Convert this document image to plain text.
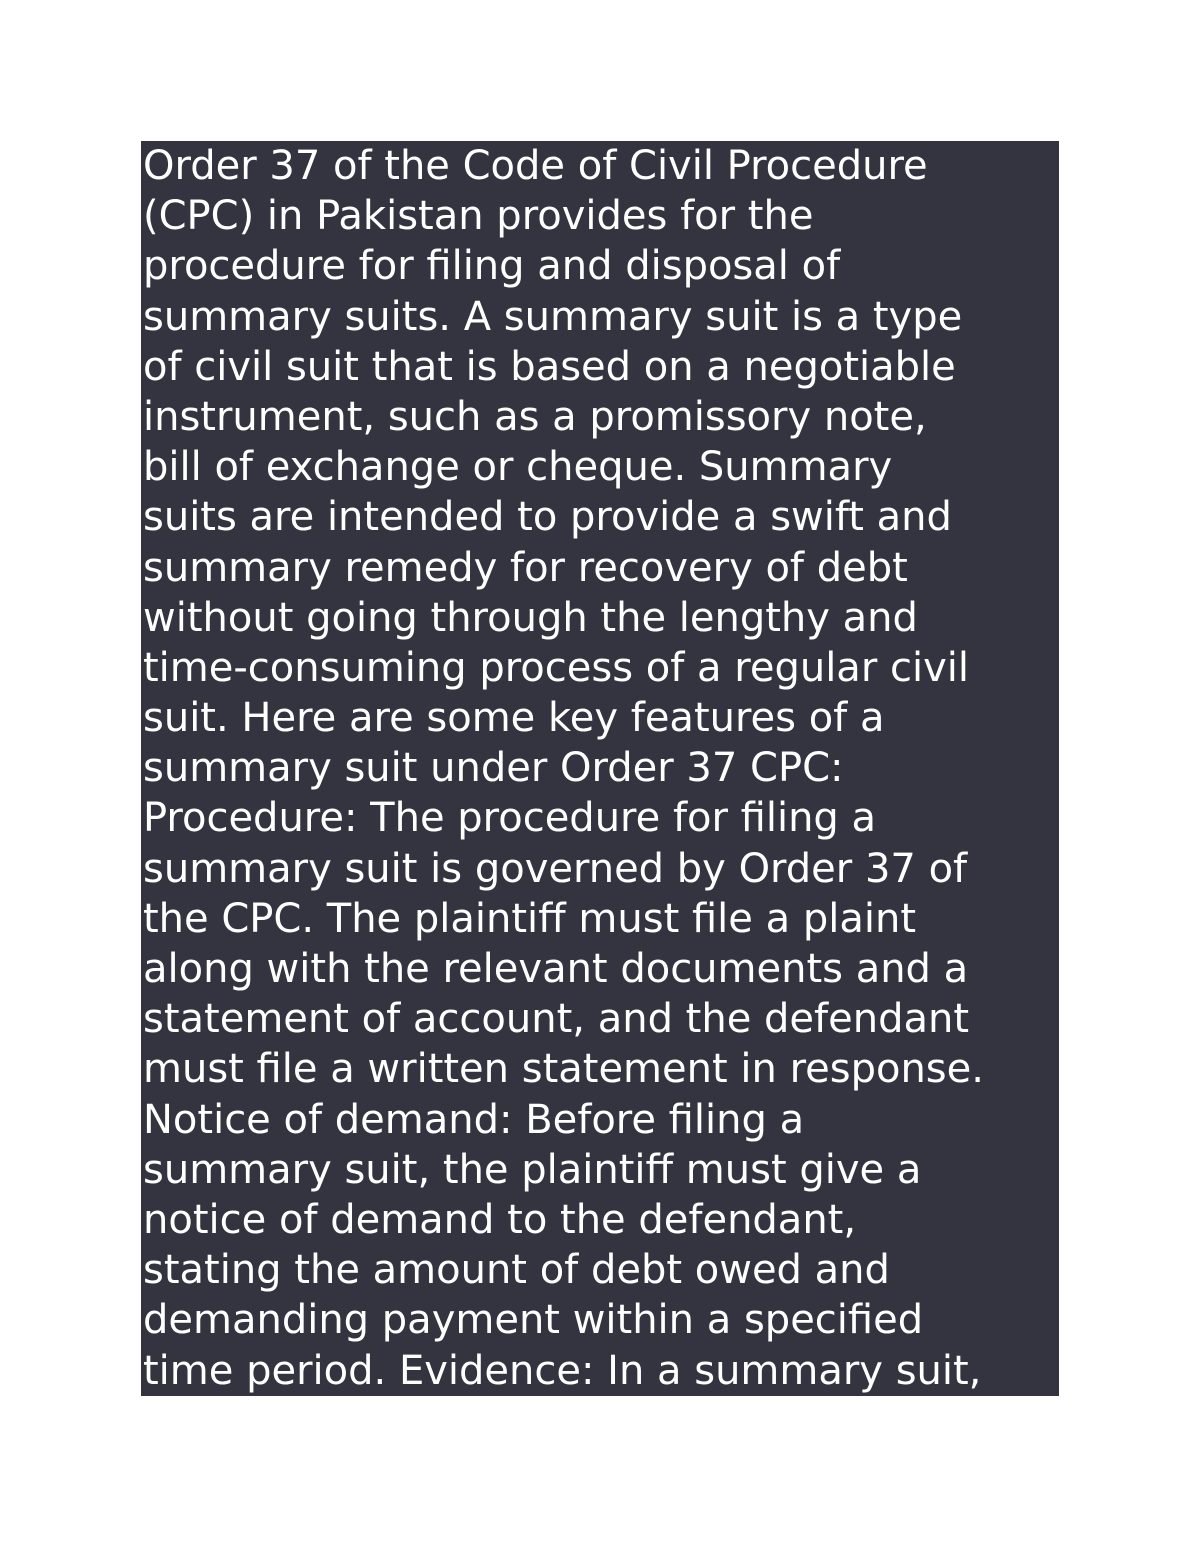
Order 37 of the Code of Civil Procedure
(CPC) in Pakistan provides for the
procedure for filing and disposal of
summary suits. A summary suit is a type
of civil suit that is based on a negotiable
instrument, such as a promissory note,
bill of exchange or cheque. Summary
suits are intended to provide a swift and
summary remedy for recovery of debt
without going through the lengthy and
time-consuming process of a regular civil
suit. Here are some key features of a
summary suit under Order 37 CPC:
Procedure: The procedure for filing a
summary suit is governed by Order 37 of
the CPC. The plaintiff must file a plaint
along with the relevant documents and a
statement of account, and the defendant
must file a written statement in response.
Notice of demand: Before filing a
summary suit, the plaintiff must give a
notice of demand to the defendant,
stating the amount of debt owed and
demanding payment within a specified
time period. Evidence: In a summary suit,
